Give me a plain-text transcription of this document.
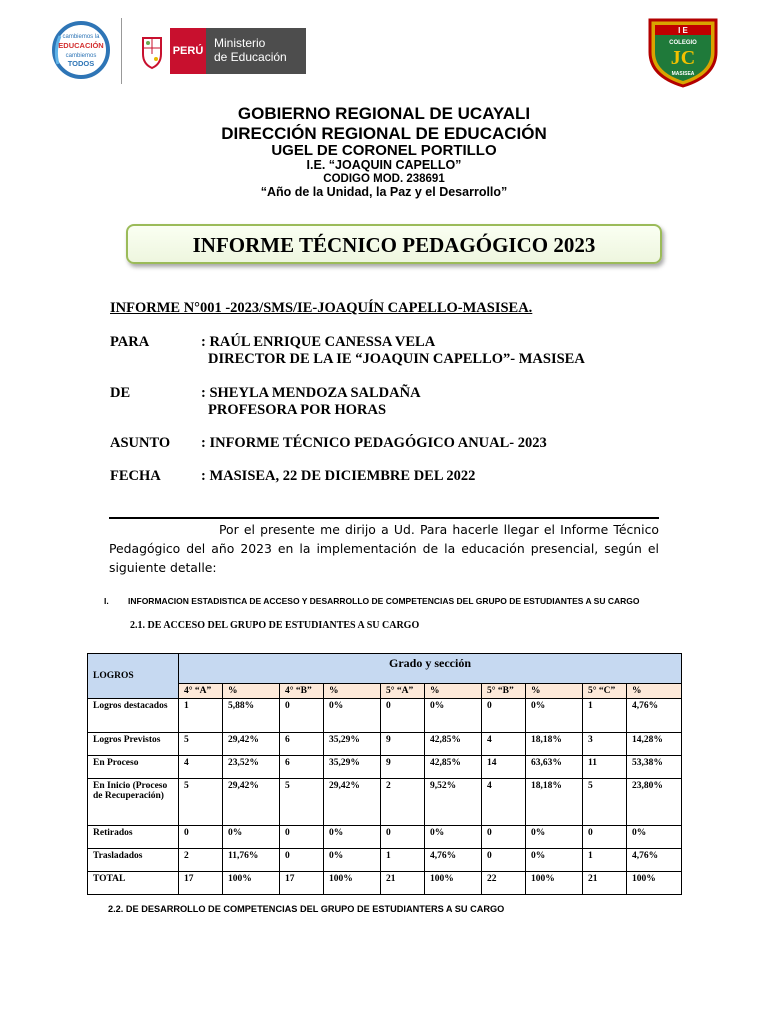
cambiemos la
EDUCACIÓN
cambiemos
TODOS
PERÚ
Ministerio
de Educación
I E
COLEGIO
JC
MASISEA
GOBIERNO REGIONAL DE UCAYALI
DIRECCIÓN REGIONAL DE EDUCACIÓN
UGEL DE CORONEL PORTILLO
I.E. “JOAQUIN CAPELLO”
CODIGO MOD. 238691
“Año de la Unidad, la Paz y el Desarrollo”
INFORME TÉCNICO PEDAGÓGICO 2023
INFORME N°001 -2023/SMS/IE-JOAQUÍN CAPELLO-MASISEA.
PARA	: RAÚL ENRIQUE CANESSA VELA
DIRECTOR DE LA IE “JOAQUIN CAPELLO”- MASISEA
DE	: SHEYLA MENDOZA SALDAÑA
PROFESORA POR HORAS
ASUNTO : INFORME TÉCNICO PEDAGÓGICO ANUAL- 2023
FECHA	: MASISEA, 22 DE DICIEMBRE DEL 2022
Por el presente me dirijo a Ud. Para hacerle llegar el Informe Técnico Pedagógico del año 2023 en la implementación de la educación presencial, según el siguiente detalle:
I. INFORMACION ESTADISTICA DE ACCESO Y DESARROLLO DE COMPETENCIAS DEL GRUPO DE ESTUDIANTES A SU CARGO
2.1. DE ACCESO DEL GRUPO DE ESTUDIANTES A SU CARGO
LOGROS	Grado y sección									
	4° “A”	%	4° “B”	%	5° “A”	%	5° “B”	%	5° “C”	%
Logros destacados	1	5,88%	0	0%	0	0%	0	0%	1	4,76%
Logros Previstos	5	29,42%	6	35,29%	9	42,85%	4	18,18%	3	14,28%
En Proceso	4	23,52%	6	35,29%	9	42,85%	14	63,63%	11	53,38%
En Inicio (Proceso de Recuperación)	5	29,42%	5	29,42%	2	9,52%	4	18,18%	5	23,80%
Retirados	0	0%	0	0%	0	0%	0	0%	0	0%
Trasladados	2	11,76%	0	0%	1	4,76%	0	0%	1	4,76%
TOTAL	17	100%	17	100%	21	100%	22	100%	21	100%
2.2. DE DESARROLLO DE COMPETENCIAS DEL GRUPO DE ESTUDIANTERS A SU CARGO
